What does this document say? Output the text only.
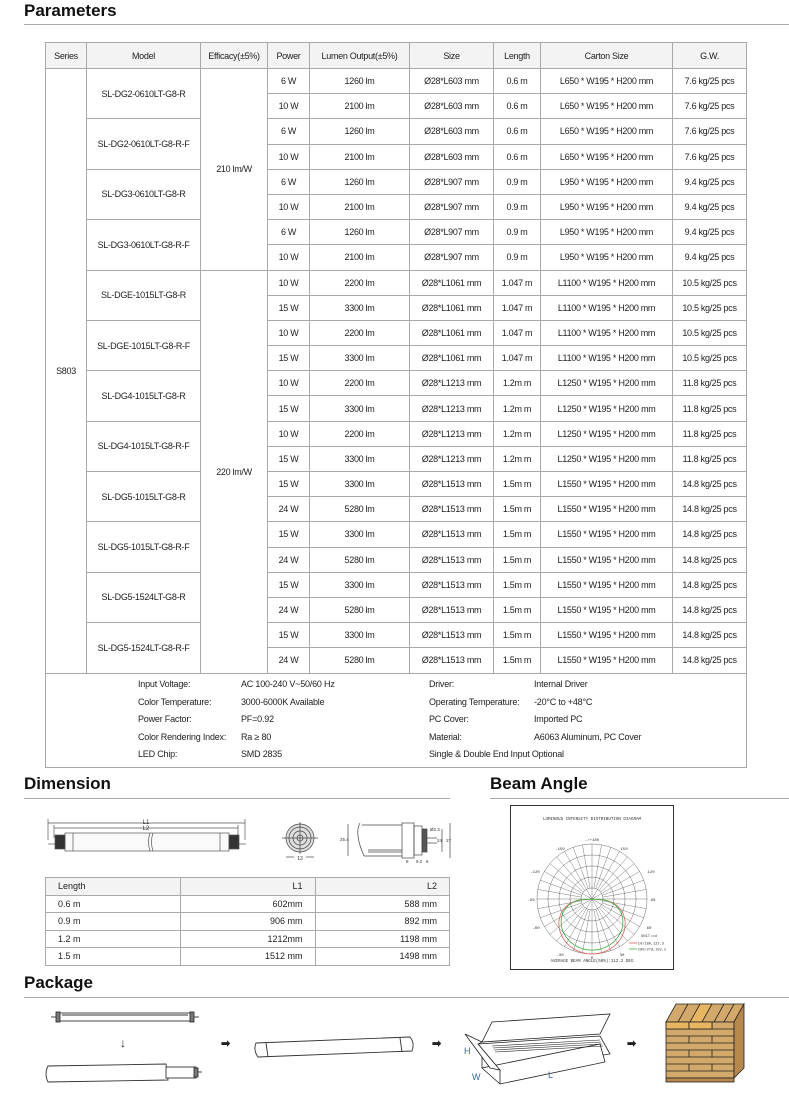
Parameters
Series	Model	Efficacy(±5%)	Power	Lumen Output(±5%)	Size	Length	Carton Size	G.W.
S803	SL-DG2-0610LT-G8-R	210 lm/W	6 W	1260 lm	Ø28*L603 mm	0.6 m	L650 * W195 * H200 mm	7.6 kg/25 pcs
			10 W	2100 lm	Ø28*L603 mm	0.6 m	L650 * W195 * H200 mm	7.6 kg/25 pcs
	SL-DG2-0610LT-G8-R-F		6 W	1260 lm	Ø28*L603 mm	0.6 m	L650 * W195 * H200 mm	7.6 kg/25 pcs
			10 W	2100 lm	Ø28*L603 mm	0.6 m	L650 * W195 * H200 mm	7.6 kg/25 pcs
	SL-DG3-0610LT-G8-R		6 W	1260 lm	Ø28*L907 mm	0.9 m	L950 * W195 * H200 mm	9.4 kg/25 pcs
			10 W	2100 lm	Ø28*L907 mm	0.9 m	L950 * W195 * H200 mm	9.4 kg/25 pcs
	SL-DG3-0610LT-G8-R-F		6 W	1260 lm	Ø28*L907 mm	0.9 m	L950 * W195 * H200 mm	9.4 kg/25 pcs
			10 W	2100 lm	Ø28*L907 mm	0.9 m	L950 * W195 * H200 mm	9.4 kg/25 pcs
	SL-DGE-1015LT-G8-R	220 lm/W	10 W	2200 lm	Ø28*L1061 mm	1.047 m	L1100 * W195 * H200 mm	10.5 kg/25 pcs
			15 W	3300 lm	Ø28*L1061 mm	1.047 m	L1100 * W195 * H200 mm	10.5 kg/25 pcs
	SL-DGE-1015LT-G8-R-F		10 W	2200 lm	Ø28*L1061 mm	1.047 m	L1100 * W195 * H200 mm	10.5 kg/25 pcs
			15 W	3300 lm	Ø28*L1061 mm	1.047 m	L1100 * W195 * H200 mm	10.5 kg/25 pcs
	SL-DG4-1015LT-G8-R		10 W	2200 lm	Ø28*L1213 mm	1.2m m	L1250 * W195 * H200 mm	11.8 kg/25 pcs
			15 W	3300 lm	Ø28*L1213 mm	1.2m m	L1250 * W195 * H200 mm	11.8 kg/25 pcs
	SL-DG4-1015LT-G8-R-F		10 W	2200 lm	Ø28*L1213 mm	1.2m m	L1250 * W195 * H200 mm	11.8 kg/25 pcs
			15 W	3300 lm	Ø28*L1213 mm	1.2m m	L1250 * W195 * H200 mm	11.8 kg/25 pcs
	SL-DG5-1015LT-G8-R		15 W	3300 lm	Ø28*L1513 mm	1.5m m	L1550 * W195 * H200 mm	14.8 kg/25 pcs
			24 W	5280 lm	Ø28*L1513 mm	1.5m m	L1550 * W195 * H200 mm	14.8 kg/25 pcs
	SL-DG5-1015LT-G8-R-F		15 W	3300 lm	Ø28*L1513 mm	1.5m m	L1550 * W195 * H200 mm	14.8 kg/25 pcs
			24 W	5280 lm	Ø28*L1513 mm	1.5m m	L1550 * W195 * H200 mm	14.8 kg/25 pcs
	SL-DG5-1524LT-G8-R		15 W	3300 lm	Ø28*L1513 mm	1.5m m	L1550 * W195 * H200 mm	14.8 kg/25 pcs
			24 W	5280 lm	Ø28*L1513 mm	1.5m m	L1550 * W195 * H200 mm	14.8 kg/25 pcs
	SL-DG5-1524LT-G8-R-F		15 W	3300 lm	Ø28*L1513 mm	1.5m m	L1550 * W195 * H200 mm	14.8 kg/25 pcs
			24 W	5280 lm	Ø28*L1513 mm	1.5m m	L1550 * W195 * H200 mm	14.8 kg/25 pcs
Input Voltage:	AC 100-240 V~50/60 Hz
Color Temperature:	3000-6000K Available
Power Factor:	PF=0.92
Color Rendering Index: Ra ≥ 80
LED Chip:	SMD 2835
Driver:	Internal Driver
Operating Temperature: -20°C to +48°C
PC Cover:	Imported PC
Material:	A6063 Aluminum, PC Cover
Single & Double End Input Optional
Dimension
L1
L2
13
25.4
Ø2.3
24 27
8 9.2 6
Length	L1	L2
0.6 m	602mm	588 mm
0.9 m	906 mm	892 mm
1.2 m	1212mm	1198 mm
1.5 m	1512 mm	1498 mm
Beam Angle
LUMINOUS INTENSITY DISTRIBUTION DIAGRAM
-/+180
-150	150
-120	120
-90	90
-60	60
-30	30
0
UNIT:cd
C0/180,122.3
C90/270,102.2
AVERAGE BEAM ANGLE(50%):112.2 DEG
Package
↓	➡	➡
H
W	L
➡
